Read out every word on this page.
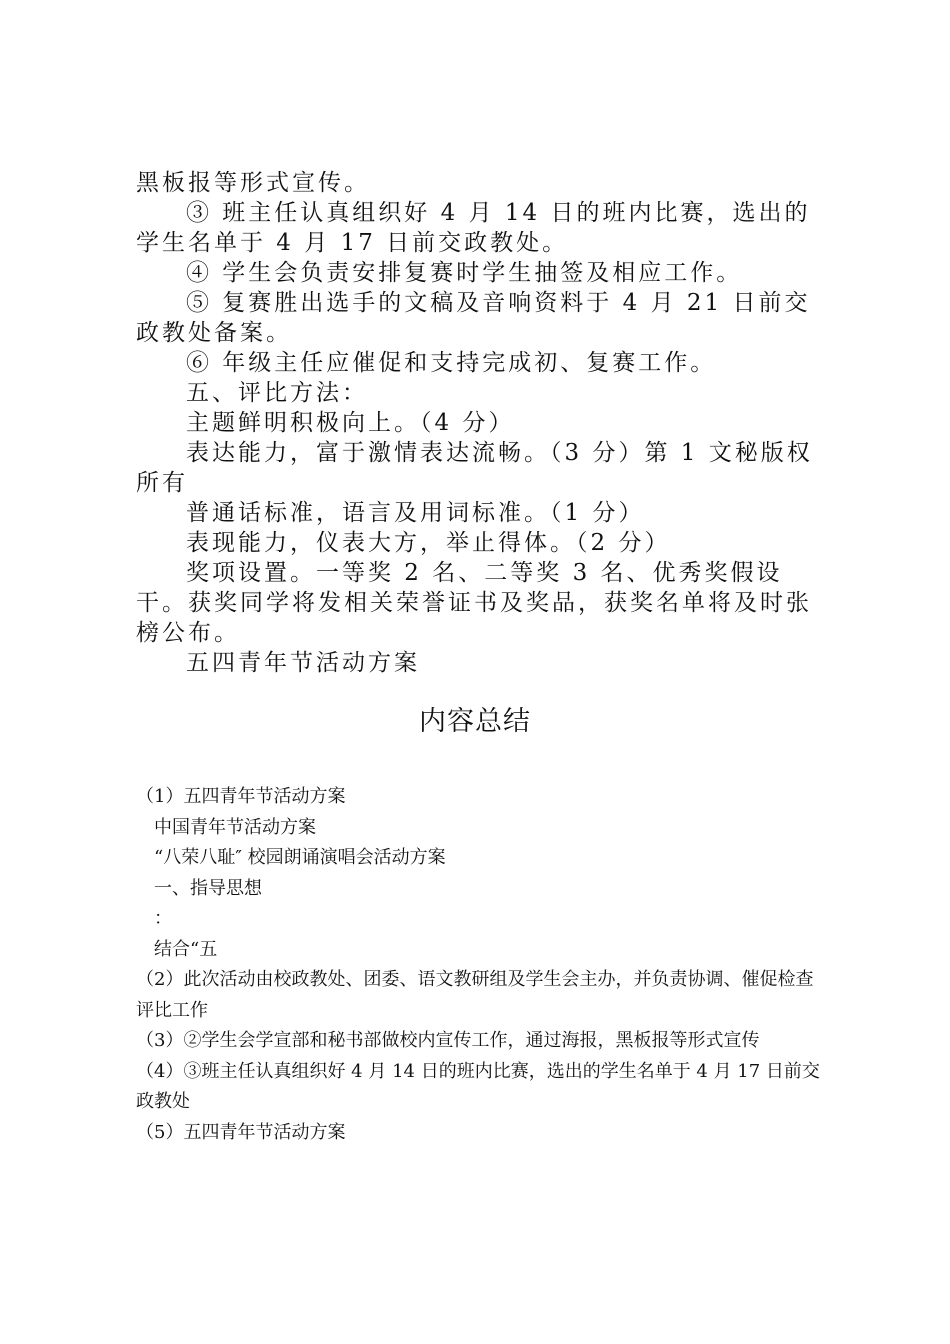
黑板报等形式宣传。

③ 班主任认真组织好 4 月 14 日的班内比赛，选出的学生名单于 4 月 17 日前交政教处。

④ 学生会负责安排复赛时学生抽签及相应工作。

⑤ 复赛胜出选手的文稿及音响资料于 4 月 21 日前交政教处备案。

⑥ 年级主任应催促和支持完成初、复赛工作。

五、评比方法：

主题鲜明积极向上。（4 分）

表达能力，富于激情表达流畅。（3 分）第 1 文秘版权所有

普通话标准，语言及用词标准。（1 分）

表现能力，仪表大方，举止得体。（2 分）

奖项设置。一等奖 2 名、二等奖 3 名、优秀奖假设干。获奖同学将发相关荣誉证书及奖品，获奖名单将及时张榜公布。

五四青年节活动方案

内容总结

（1）五四青年节活动方案

中国青年节活动方案

“八荣八耻″ 校园朗诵演唱会活动方案

一、指导思想

：

结合“五

（2）此次活动由校政教处、团委、语文教研组及学生会主办，并负责协调、催促检查评比工作

（3）②学生会学宣部和秘书部做校内宣传工作，通过海报，黑板报等形式宣传

（4）③班主任认真组织好 4 月 14 日的班内比赛，选出的学生名单于 4 月 17 日前交政教处

（5）五四青年节活动方案
